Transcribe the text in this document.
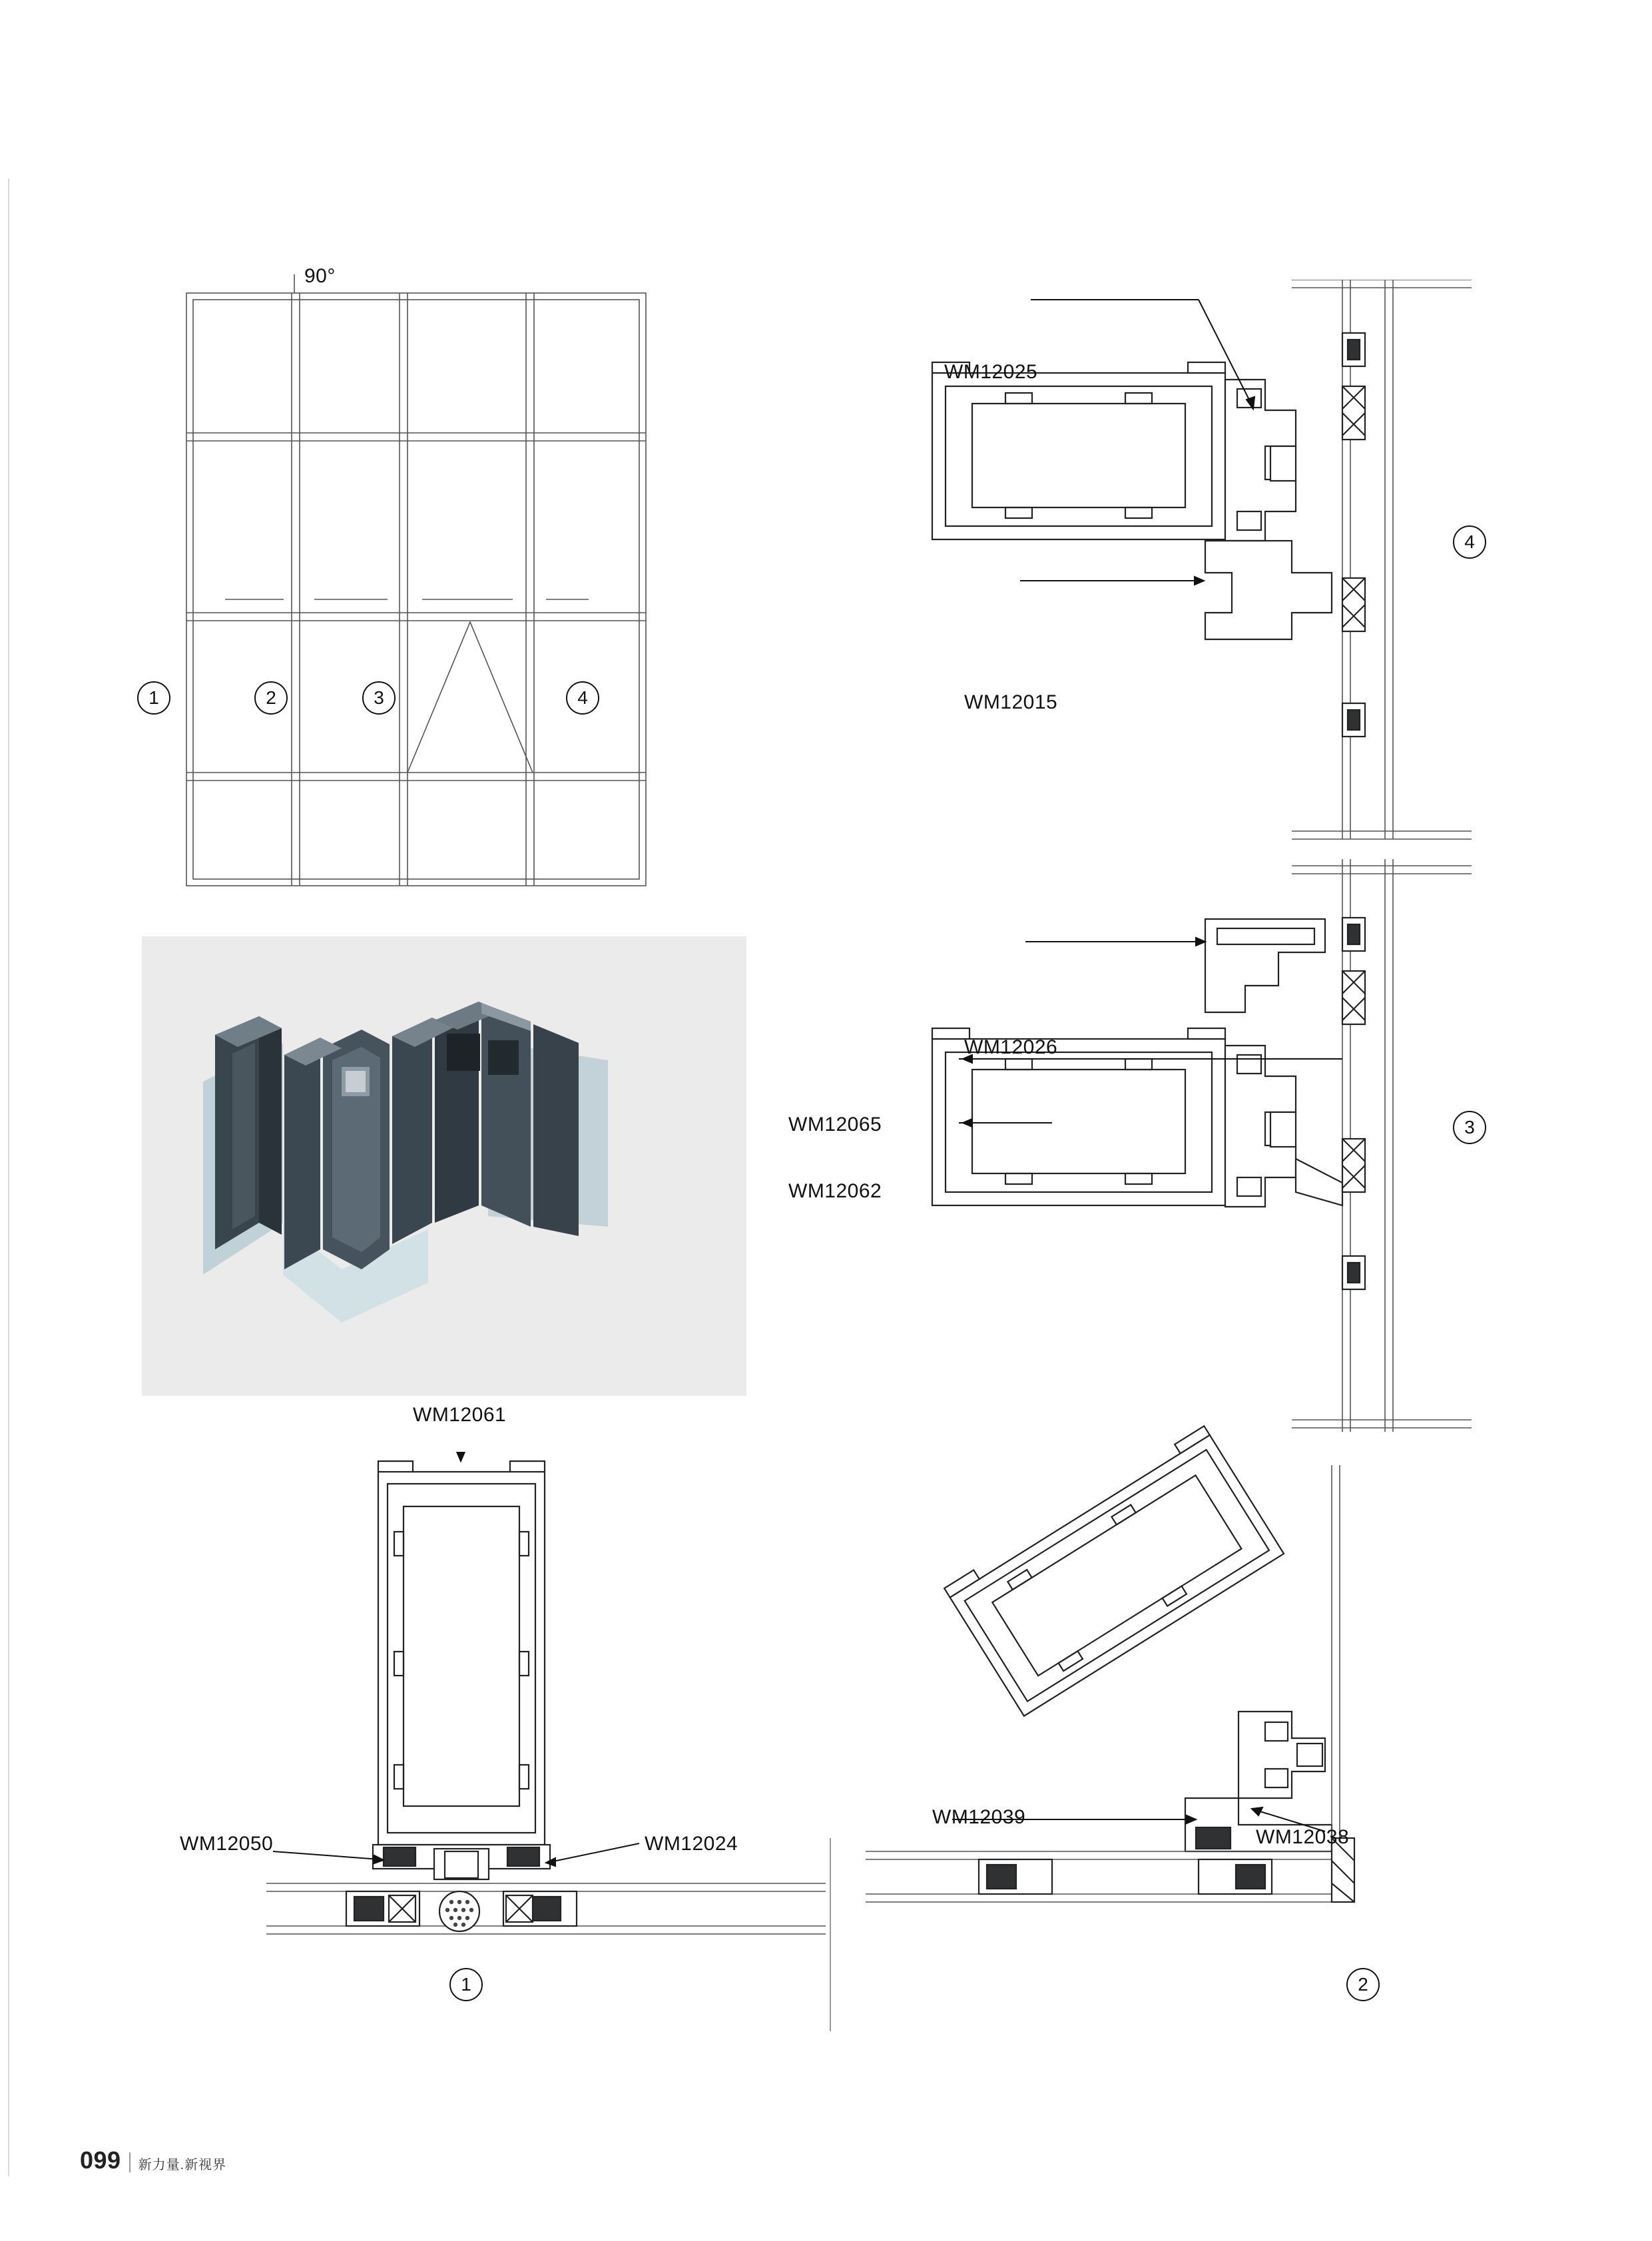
90°
1	2	3	4
WM12061
WM12050	WM12024
1
WM12039
WM12038
2
WM12025
WM12015
4
WM12026
WM12065
WM12062
3
099 新力量.新视界
